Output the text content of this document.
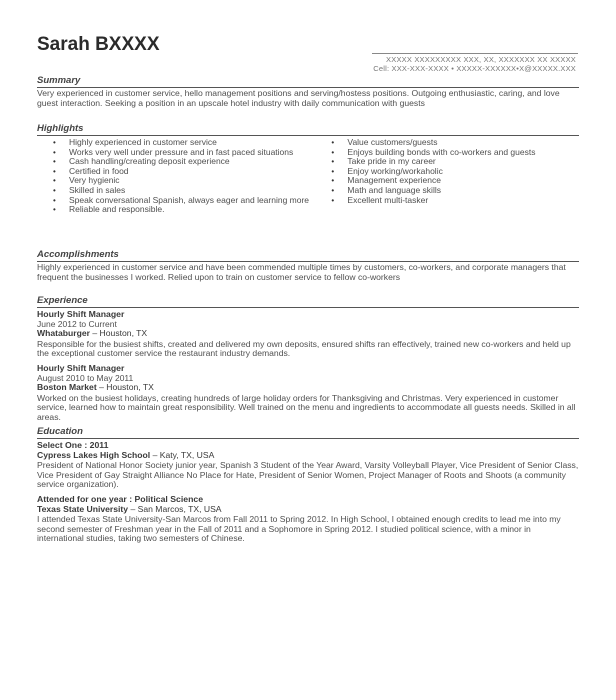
Sarah BXXXX
XXXXX XXXXXXXXX XXX, XX, XXXXXXX XX XXXXX
Cell: XXX-XXX-XXXX • XXXXX-XXXXXX•X@XXXXX.XXX
Summary

Very experienced in customer service, hello management positions and serving/hostess positions. Outgoing enthusiastic, caring, and love guest interaction. Seeking a position in an upscale hotel industry with daily communication with guests

Highlights
• Highly experienced in customer service
• Works very well under pressure and in fast paced situations
• Cash handling/creating deposit experience
• Certified in food
• Very hygienic
• Skilled in sales
• Speak conversational Spanish, always eager and learning more
• Reliable and responsible.
• Value customers/guests
• Enjoys building bonds with co-workers and guests
• Take pride in my career
• Enjoy working/workaholic
• Management experience
• Math and language skills
• Excellent multi-tasker
Accomplishments

Highly experienced in customer service and have been commended multiple times by customers, co-workers, and corporate managers that frequent the businesses I worked. Relied upon to train on customer service to fellow co-workers

Experience
Hourly Shift Manager
June 2012 to Current
Whataburger – Houston, TX

Responsible for the busiest shifts, created and delivered my own deposits, ensured shifts ran effectively, trained new co-workers and held up the exceptional customer service the restaurant industry demands.

Hourly Shift Manager
August 2010 to May 2011
Boston Market – Houston, TX

Worked on the busiest holidays, creating hundreds of large holiday orders for Thanksgiving and Christmas. Very experienced in customer service, learned how to maintain great responsibility. Well trained on the menu and ingredients to accommodate all guests needs. Skilled in all areas.

Education
Select One : 2011
Cypress Lakes High School – Katy, TX, USA

President of National Honor Society junior year, Spanish 3 Student of the Year Award, Varsity Volleyball Player, Vice President of Senior Class, Vice President of Gay Straight Alliance No Place for Hate, President of Senior Women, Project Manager of Roots and Shoots (a community service organization).

Attended for one year : Political Science
Texas State University – San Marcos, TX, USA

I attended Texas State University-San Marcos from Fall 2011 to Spring 2012. In High School, I obtained enough credits to lead me into my second semester of Freshman year in the Fall of 2011 and a Sophomore in Spring 2012. I studied political science, with a minor in international studies, taking two semesters of Chinese.
